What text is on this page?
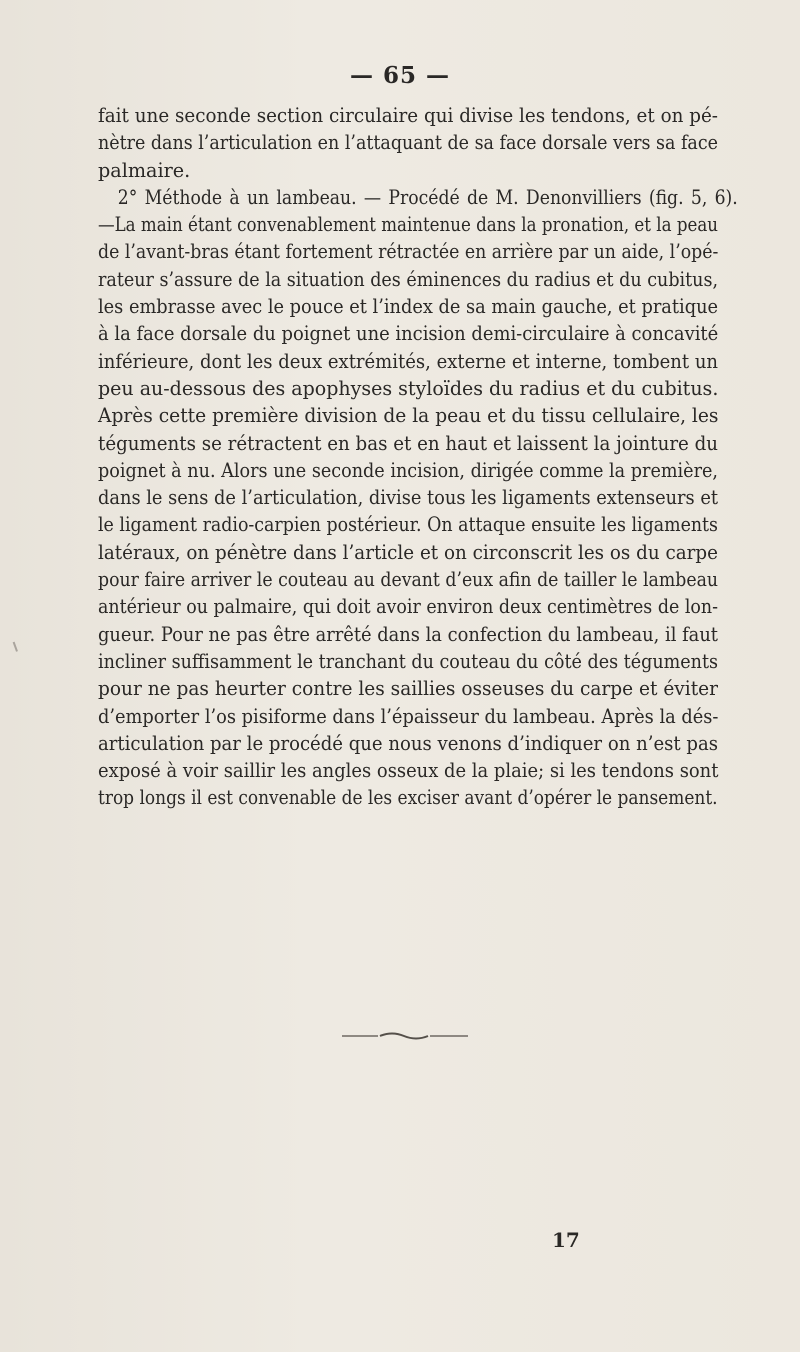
— 65 —
fait une seconde section circulaire qui divise les tendons, et on pé-
nètre dans l’articulation en l’attaquant de sa face dorsale vers sa face
palmaire.
2° Méthode à un lambeau. — Procédé de M. Denonvilliers (fig. 5, 6).
—La main étant convenablement maintenue dans la pronation, et la peau
de l’avant-bras étant fortement rétractée en arrière par un aide, l’opé-
rateur s’assure de la situation des éminences du radius et du cubitus,
les embrasse avec le pouce et l’index de sa main gauche, et pratique
à la face dorsale du poignet une incision demi-circulaire à concavité
inférieure, dont les deux extrémités, externe et interne, tombent un
peu au-dessous des apophyses styloïdes du radius et du cubitus.
Après cette première division de la peau et du tissu cellulaire, les
téguments se rétractent en bas et en haut et laissent la jointure du
poignet à nu. Alors une seconde incision, dirigée comme la première,
dans le sens de l’articulation, divise tous les ligaments extenseurs et
le ligament radio-carpien postérieur. On attaque ensuite les ligaments
latéraux, on pénètre dans l’article et on circonscrit les os du carpe
pour faire arriver le couteau au devant d’eux afin de tailler le lambeau
antérieur ou palmaire, qui doit avoir environ deux centimètres de lon-
gueur. Pour ne pas être arrêté dans la confection du lambeau, il faut
incliner suffisamment le tranchant du couteau du côté des téguments
pour ne pas heurter contre les saillies osseuses du carpe et éviter
d’emporter l’os pisiforme dans l’épaisseur du lambeau. Après la dés-
articulation par le procédé que nous venons d’indiquer on n’est pas
exposé à voir saillir les angles osseux de la plaie; si les tendons sont
trop longs il est convenable de les exciser avant d’opérer le pansement.
17
